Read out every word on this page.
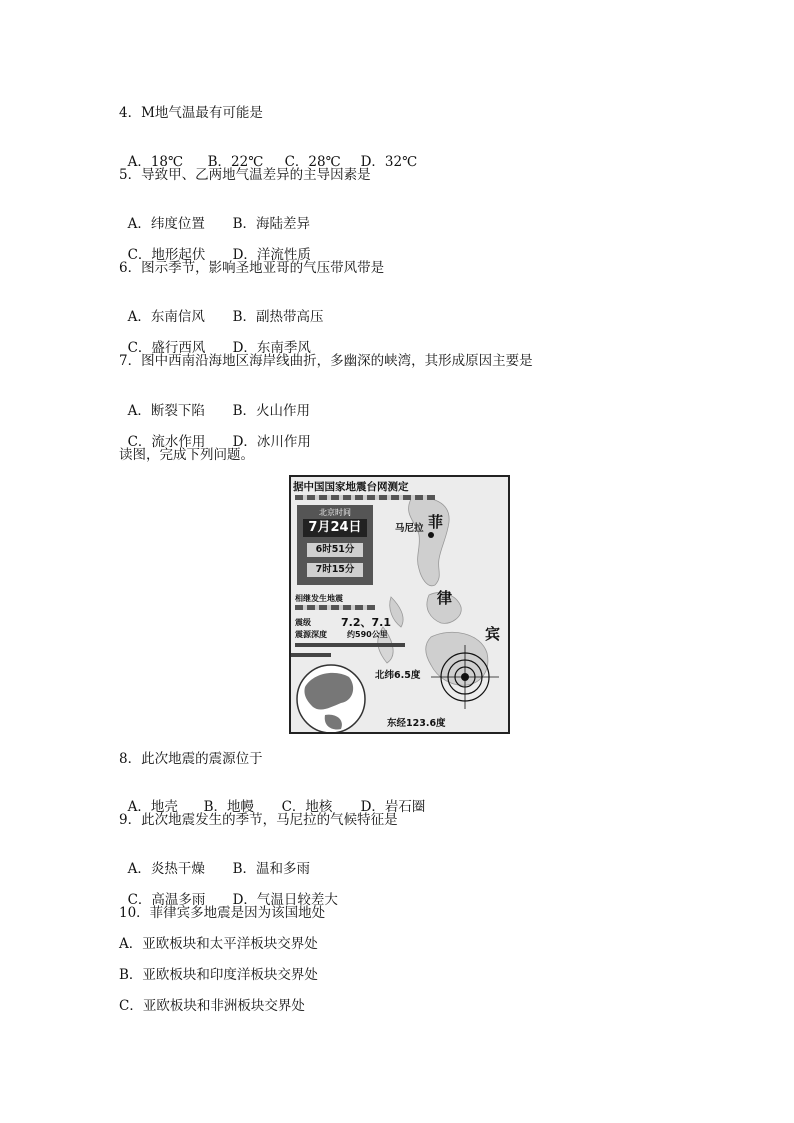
4．M地气温最有可能是

A．18℃ B．22℃ C．28℃ D．32℃

5．导致甲、乙两地气温差异的主导因素是

A．纬度位置 B．海陆差异

C．地形起伏 D．洋流性质

6．图示季节，影响圣地亚哥的气压带风带是

A．东南信风 B．副热带高压

C．盛行西风 D．东南季风

7．图中西南沿海地区海岸线曲折，多幽深的峡湾，其形成原因主要是

A．断裂下陷 B．火山作用

C．流水作用 D．冰川作用

读图，完成下列问题。
据中国国家地震台网测定
北京时间
7月24日
6时51分
7时15分
相继发生地震
震级	7.2、7.1
震源深度	约590公里
马尼拉 菲
律
宾
北纬6.5度
东经123.6度
8．此次地震的震源位于

A．地壳 B．地幔 C．地核 D．岩石圈

9．此次地震发生的季节，马尼拉的气候特征是

A．炎热干燥 B．温和多雨

C．高温多雨 D．气温日较差大

10．菲律宾多地震是因为该国地处
A．亚欧板块和太平洋板块交界处
B．亚欧板块和印度洋板块交界处
C．亚欧板块和非洲板块交界处
